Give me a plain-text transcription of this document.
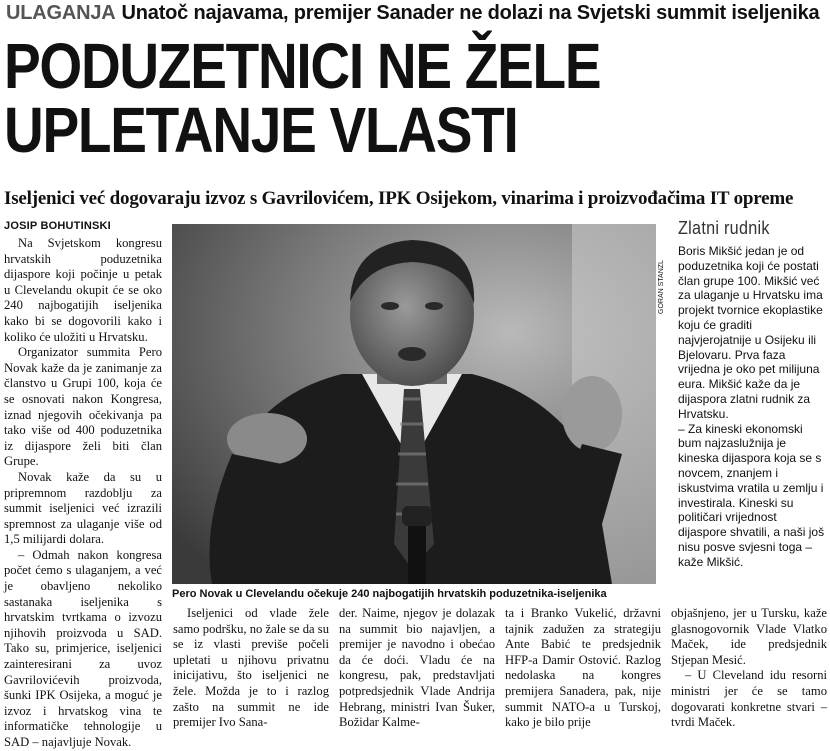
ULAGANJA Unatoč najavama, premijer Sanader ne dolazi na Svjetski summit iseljenika
PODUZETNICI NE ŽELE
UPLETANJE VLASTI
Iseljenici već dogovaraju izvoz s Gavrilovićem, IPK Osijekom, vinarima i proizvođačima IT opreme
JOSIP BOHUTINSKI

Na Svjetskom kongresu hrvatskih poduzetnika dijaspore koji počinje u petak u Clevelandu okupit će se oko 240 najbogatijih iseljenika kako bi se dogovorili kako i koliko će uložiti u Hrvatsku.

Organizator summita Pero Novak kaže da je zanimanje za članstvo u Grupi 100, koja će se osnovati nakon Kongresa, iznad njegovih očekivanja pa tako više od 400 poduzetnika iz dijaspore želi biti član Grupe.

Novak kaže da su u pripremnom razdoblju za summit iseljenici već izrazili spremnost za ulaganje više od 1,5 milijardi dolara.

– Odmah nakon kongresa počet ćemo s ulaganjem, a već je obavljeno nekoliko sastanaka iseljenika s hrvatskim tvrtkama o izvozu njihovih proizvoda u SAD. Tako su, primjerice, iseljenici zainteresirani za uvoz Gavrilovićevih proizvoda, šunki IPK Osijeka, a moguć je izvoz i hrvatskog vina te informatičke tehnologije u SAD – najavljuje Novak.

GORAN STANZL
Pero Novak u Clevelandu očekuje 240 najbogatijih hrvatskih poduzetnika-iseljenika
Zlatni rudnik

Boris Mikšić jedan je od poduzetnika koji će postati član grupe 100. Mikšić već za ulaganje u Hrvatsku ima projekt tvornice ekoplastike koju će graditi najvjerojatnije u Osijeku ili Bjelovaru. Prva faza vrijedna je oko pet milijuna eura. Mikšić kaže da je dijaspora zlatni rudnik za Hrvatsku.

– Za kineski ekonomski bum najzaslužnija je kineska dijaspora koja se s novcem, znanjem i iskustvima vratila u zemlju i investirala. Kineski su političari vrijednost dijaspore shvatili, a naši još nisu posve svjesni toga – kaže Mikšić.

Iseljenici od vlade žele samo podršku, no žale se da su se iz vlasti previše počeli upletati u njihovu privatnu inicijativu, što iseljenici ne žele. Možda je to i razlog zašto na summit ne ide premijer Ivo Sana-

der. Naime, njegov je dolazak na summit bio najavljen, a premijer je navodno i obećao da će doći. Vladu će na kongresu, pak, predstavljati potpredsjednik Vlade Andrija Hebrang, ministri Ivan Šuker, Božidar Kalme-

ta i Branko Vukelić, državni tajnik zadužen za strategiju Ante Babić te predsjednik HFP-a Damir Ostović. Razlog nedolaska na kongres premijera Sanadera, pak, nije summit NATO-a u Turskoj, kako je bilo prije

objašnjeno, jer u Tursku, kaže glasnogovornik Vlade Vlatko Maček, ide predsjednik Stjepan Mesić.

– U Cleveland idu resorni ministri jer će se tamo dogovarati konkretne stvari – tvrdi Maček.
